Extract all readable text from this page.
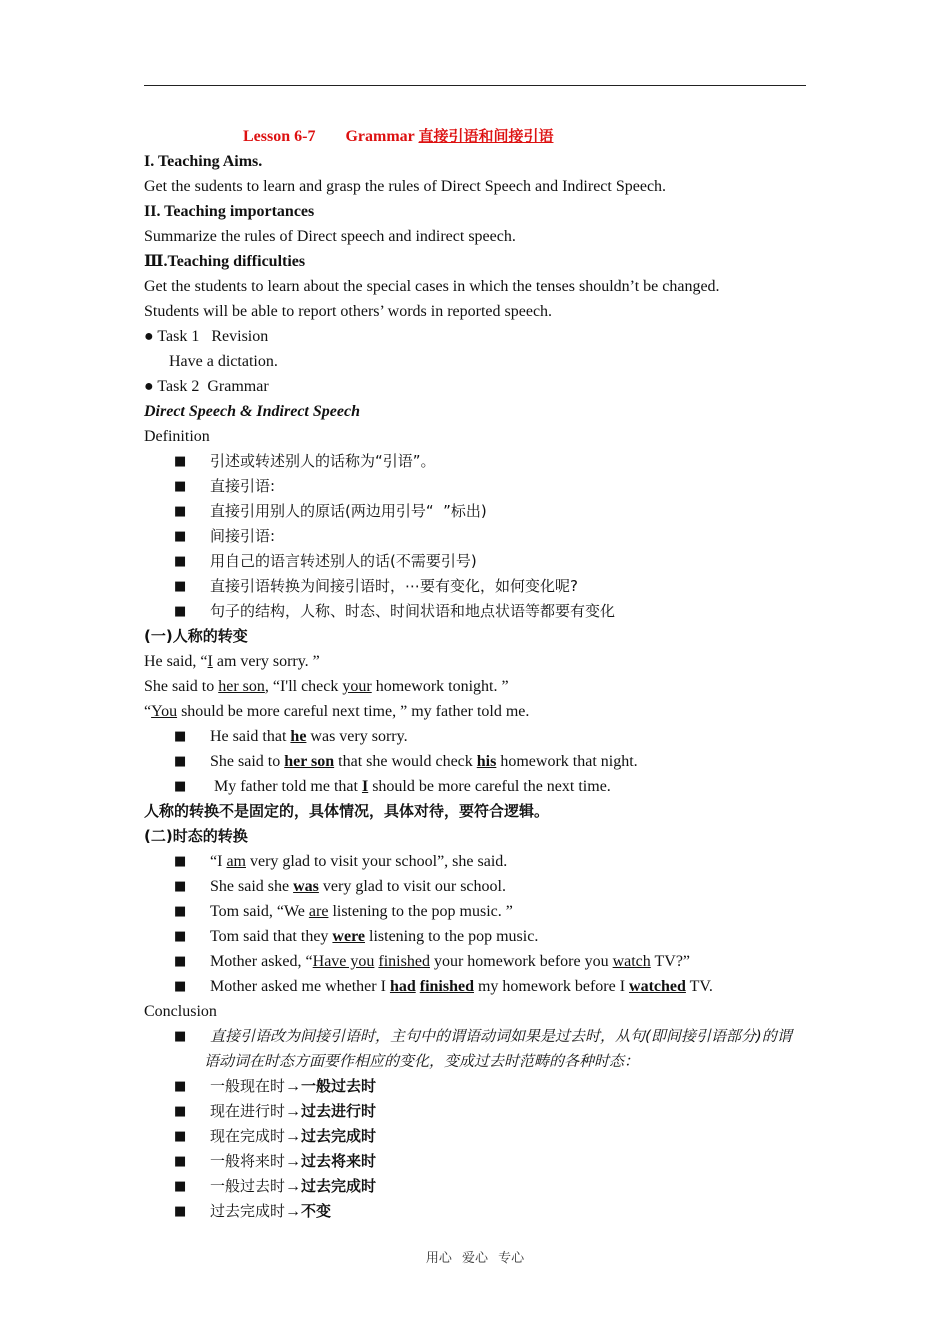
Lesson 6-7 Grammar 直接引语和间接引语
I. Teaching Aims.
Get the sudents to learn and grasp the rules of Direct Speech and Indirect Speech.
II. Teaching importances
Summarize the rules of Direct speech and indirect speech.
Ⅲ.Teaching difficulties
Get the students to learn about the special cases in which the tenses shouldn’t be changed.
Students will be able to report others’ words in reported speech.
● Task 1   Revision
Have a dictation.
● Task 2  Grammar
Direct Speech & Indirect Speech
Definition
■ 引述或转述别人的话称为“引语”。
■ 直接引语:
■ 直接引用别人的原话(两边用引号“  ”标出)
■ 间接引语:
■ 用自己的语言转述别人的话(不需要引号)
■ 直接引语转换为间接引语时，⋯要有变化，如何变化呢?
■ 句子的结构，人称、时态、时间状语和地点状语等都要有变化
(一)人称的转变
He said, “I am very sorry. ”
She said to her son, “I'll check your homework tonight. ”
“You should be more careful next time, ” my father told me.
■ He said that he was very sorry.
■ She said to her son that she would check his homework that night.
■ My father told me that I should be more careful the next time.
人称的转换不是固定的，具体情况，具体对待，要符合逻辑。
(二)时态的转换
■ “I am very glad to visit your school”, she said.
■ She said she was very glad to visit our school.
■ Tom said, “We are listening to the pop music. ”
■ Tom said that they were listening to the pop music.
■ Mother asked, “Have you finished your homework before you watch TV?”
■ Mother asked me whether I had finished my homework before I watched TV.
Conclusion
■ 直接引语改为间接引语时，主句中的谓语动词如果是过去时，从句(即间接引语部分)的谓语动词在时态方面要作相应的变化，变成过去时范畴的各种时态：
■ 一般现在时→一般过去时
■ 现在进行时→过去进行时
■ 现在完成时→过去完成时
■ 一般将来时→过去将来时
■ 一般过去时→过去完成时
■ 过去完成时→不变
用心 爱心 专心
